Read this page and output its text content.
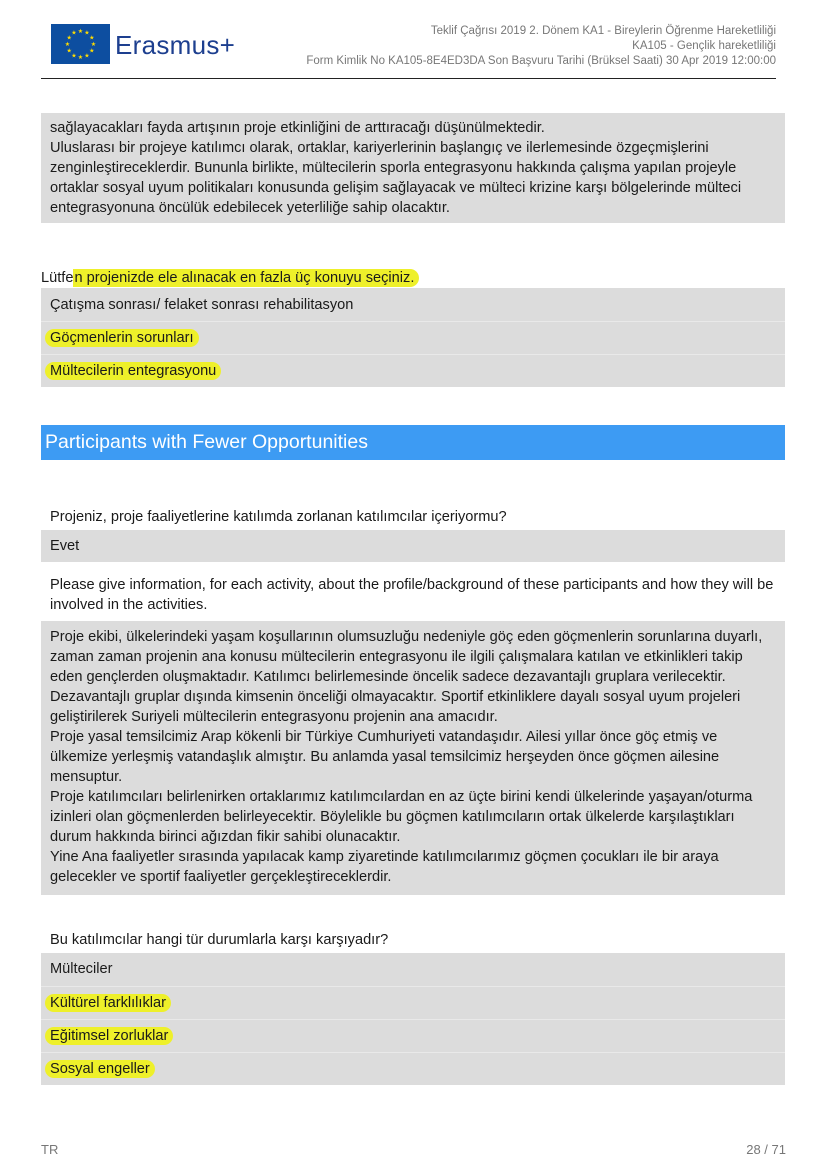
★ ★
★
★
★
★
★
★
★
★
★
★ Erasmus+	Teklif Çağrısı 2019 2. Dönem KA1 - Bireylerin Öğrenme Hareketliliği
KA105 - Gençlik hareketliliği
Form Kimlik No KA105-8E4ED3DA Son Başvuru Tarihi (Brüksel Saati) 30 Apr 2019 12:00:00
sağlayacakları fayda artışının proje etkinliğini de arttıracağı düşünülmektedir.
Uluslarası bir projeye katılımcı olarak, ortaklar, kariyerlerinin başlangıç ve ilerlemesinde özgeçmişlerini zenginleştireceklerdir. Bununla birlikte, mültecilerin sporla entegrasyonu hakkında çalışma yapılan projeyle ortaklar sosyal uyum politikaları konusunda gelişim sağlayacak ve mülteci krizine karşı bölgelerinde mülteci entegrasyonuna öncülük edebilecek yeterliliğe sahip olacaktır.
Lütfen projenizde ele alınacak en fazla üç konuyu seçiniz.
Çatışma sonrası/ felaket sonrası rehabilitasyon
Göçmenlerin sorunları
Mültecilerin entegrasyonu
Participants with Fewer Opportunities
Projeniz, proje faaliyetlerine katılımda zorlanan katılımcılar içeriyormu?
Evet
Please give information, for each activity, about the profile/background of these participants and how they will be involved in the activities.
Proje ekibi, ülkelerindeki yaşam koşullarının olumsuzluğu nedeniyle göç eden göçmenlerin sorunlarına duyarlı, zaman zaman projenin ana konusu mültecilerin entegrasyonu ile ilgili çalışmalara katılan ve etkinlikleri takip eden gençlerden oluşmaktadır. Katılımcı belirlemesinde öncelik sadece dezavantajlı gruplara verilecektir. Dezavantajlı gruplar dışında kimsenin önceliği olmayacaktır. Sportif etkinliklere dayalı sosyal uyum projeleri geliştirilerek Suriyeli mültecilerin entegrasyonu projenin ana amacıdır.
Proje yasal temsilcimiz Arap kökenli bir Türkiye Cumhuriyeti vatandaşıdır. Ailesi yıllar önce göç etmiş ve ülkemize yerleşmiş vatandaşlık almıştır. Bu anlamda yasal temsilcimiz herşeyden önce göçmen ailesine mensuptur.
Proje katılımcıları belirlenirken ortaklarımız katılımcılardan en az üçte birini kendi ülkelerinde yaşayan/oturma izinleri olan göçmenlerden belirleyecektir. Böylelikle bu göçmen katılımcıların ortak ülkelerde karşılaştıkları durum hakkında birinci ağızdan fikir sahibi olunacaktır.
Yine Ana faaliyetler sırasında yapılacak kamp ziyaretinde katılımcılarımız göçmen çocukları ile bir araya gelecekler ve sportif faaliyetler gerçekleştireceklerdir.
Bu katılımcılar hangi tür durumlarla karşı karşıyadır?
Mülteciler
Kültürel farklılıklar
Eğitimsel zorluklar
Sosyal engeller
TR	28 / 71
